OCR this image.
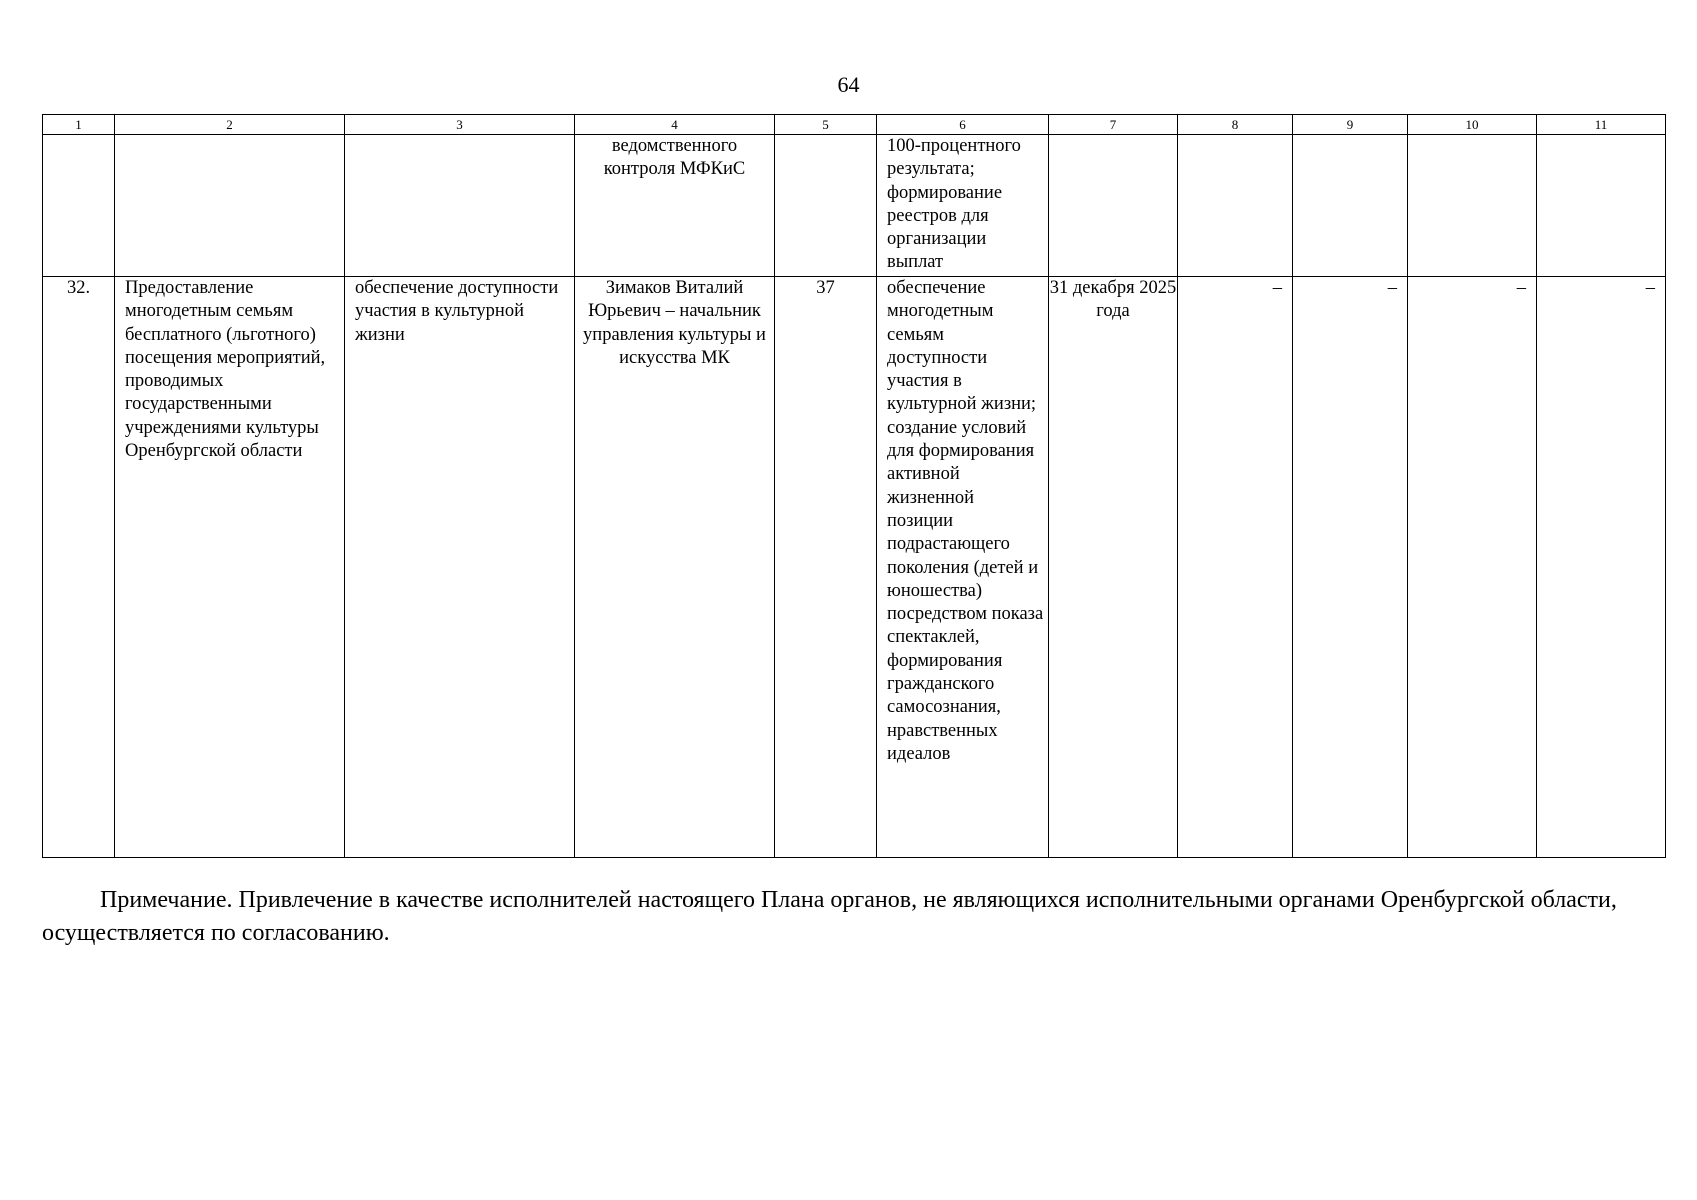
64
1	2	3	4	5	6	7	8	9	10	11
			ведомственного контроля МФКиС		100-процентного результата; формирование реестров для организации выплат					
32.	Предоставление многодетным семьям бесплатного (льготного) посещения мероприятий, проводимых государственными учреждениями культуры Оренбургской области	обеспечение доступности участия в культурной жизни	Зимаков Виталий Юрьевич – начальник управления культуры и искусства МК	37	обеспечение многодетным семьям доступности участия в культурной жизни; создание условий для формирования активной жизненной позиции подрастающего поколения (детей и юношества) посредством показа спектаклей, формирования гражданского самосознания, нравственных идеалов	31 декабря 2025 года	–	–	–	–
Примечание. Привлечение в качестве исполнителей настоящего Плана органов, не являющихся исполнительными органами Оренбургской области, осуществляется по согласованию.
